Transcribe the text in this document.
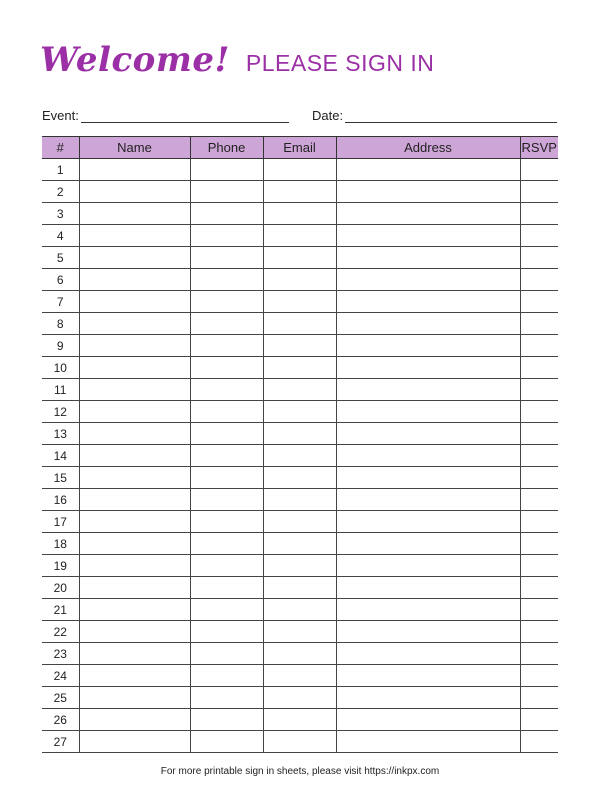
Welcome! PLEASE SIGN IN
Event:	Date:
#	Name	Phone	Email	Address	RSVP
1					
2					
3					
4					
5					
6					
7					
8					
9					
10					
11					
12					
13					
14					
15					
16					
17					
18					
19					
20					
21					
22					
23					
24					
25					
26					
27					
For more printable sign in sheets, please visit https://inkpx.com
